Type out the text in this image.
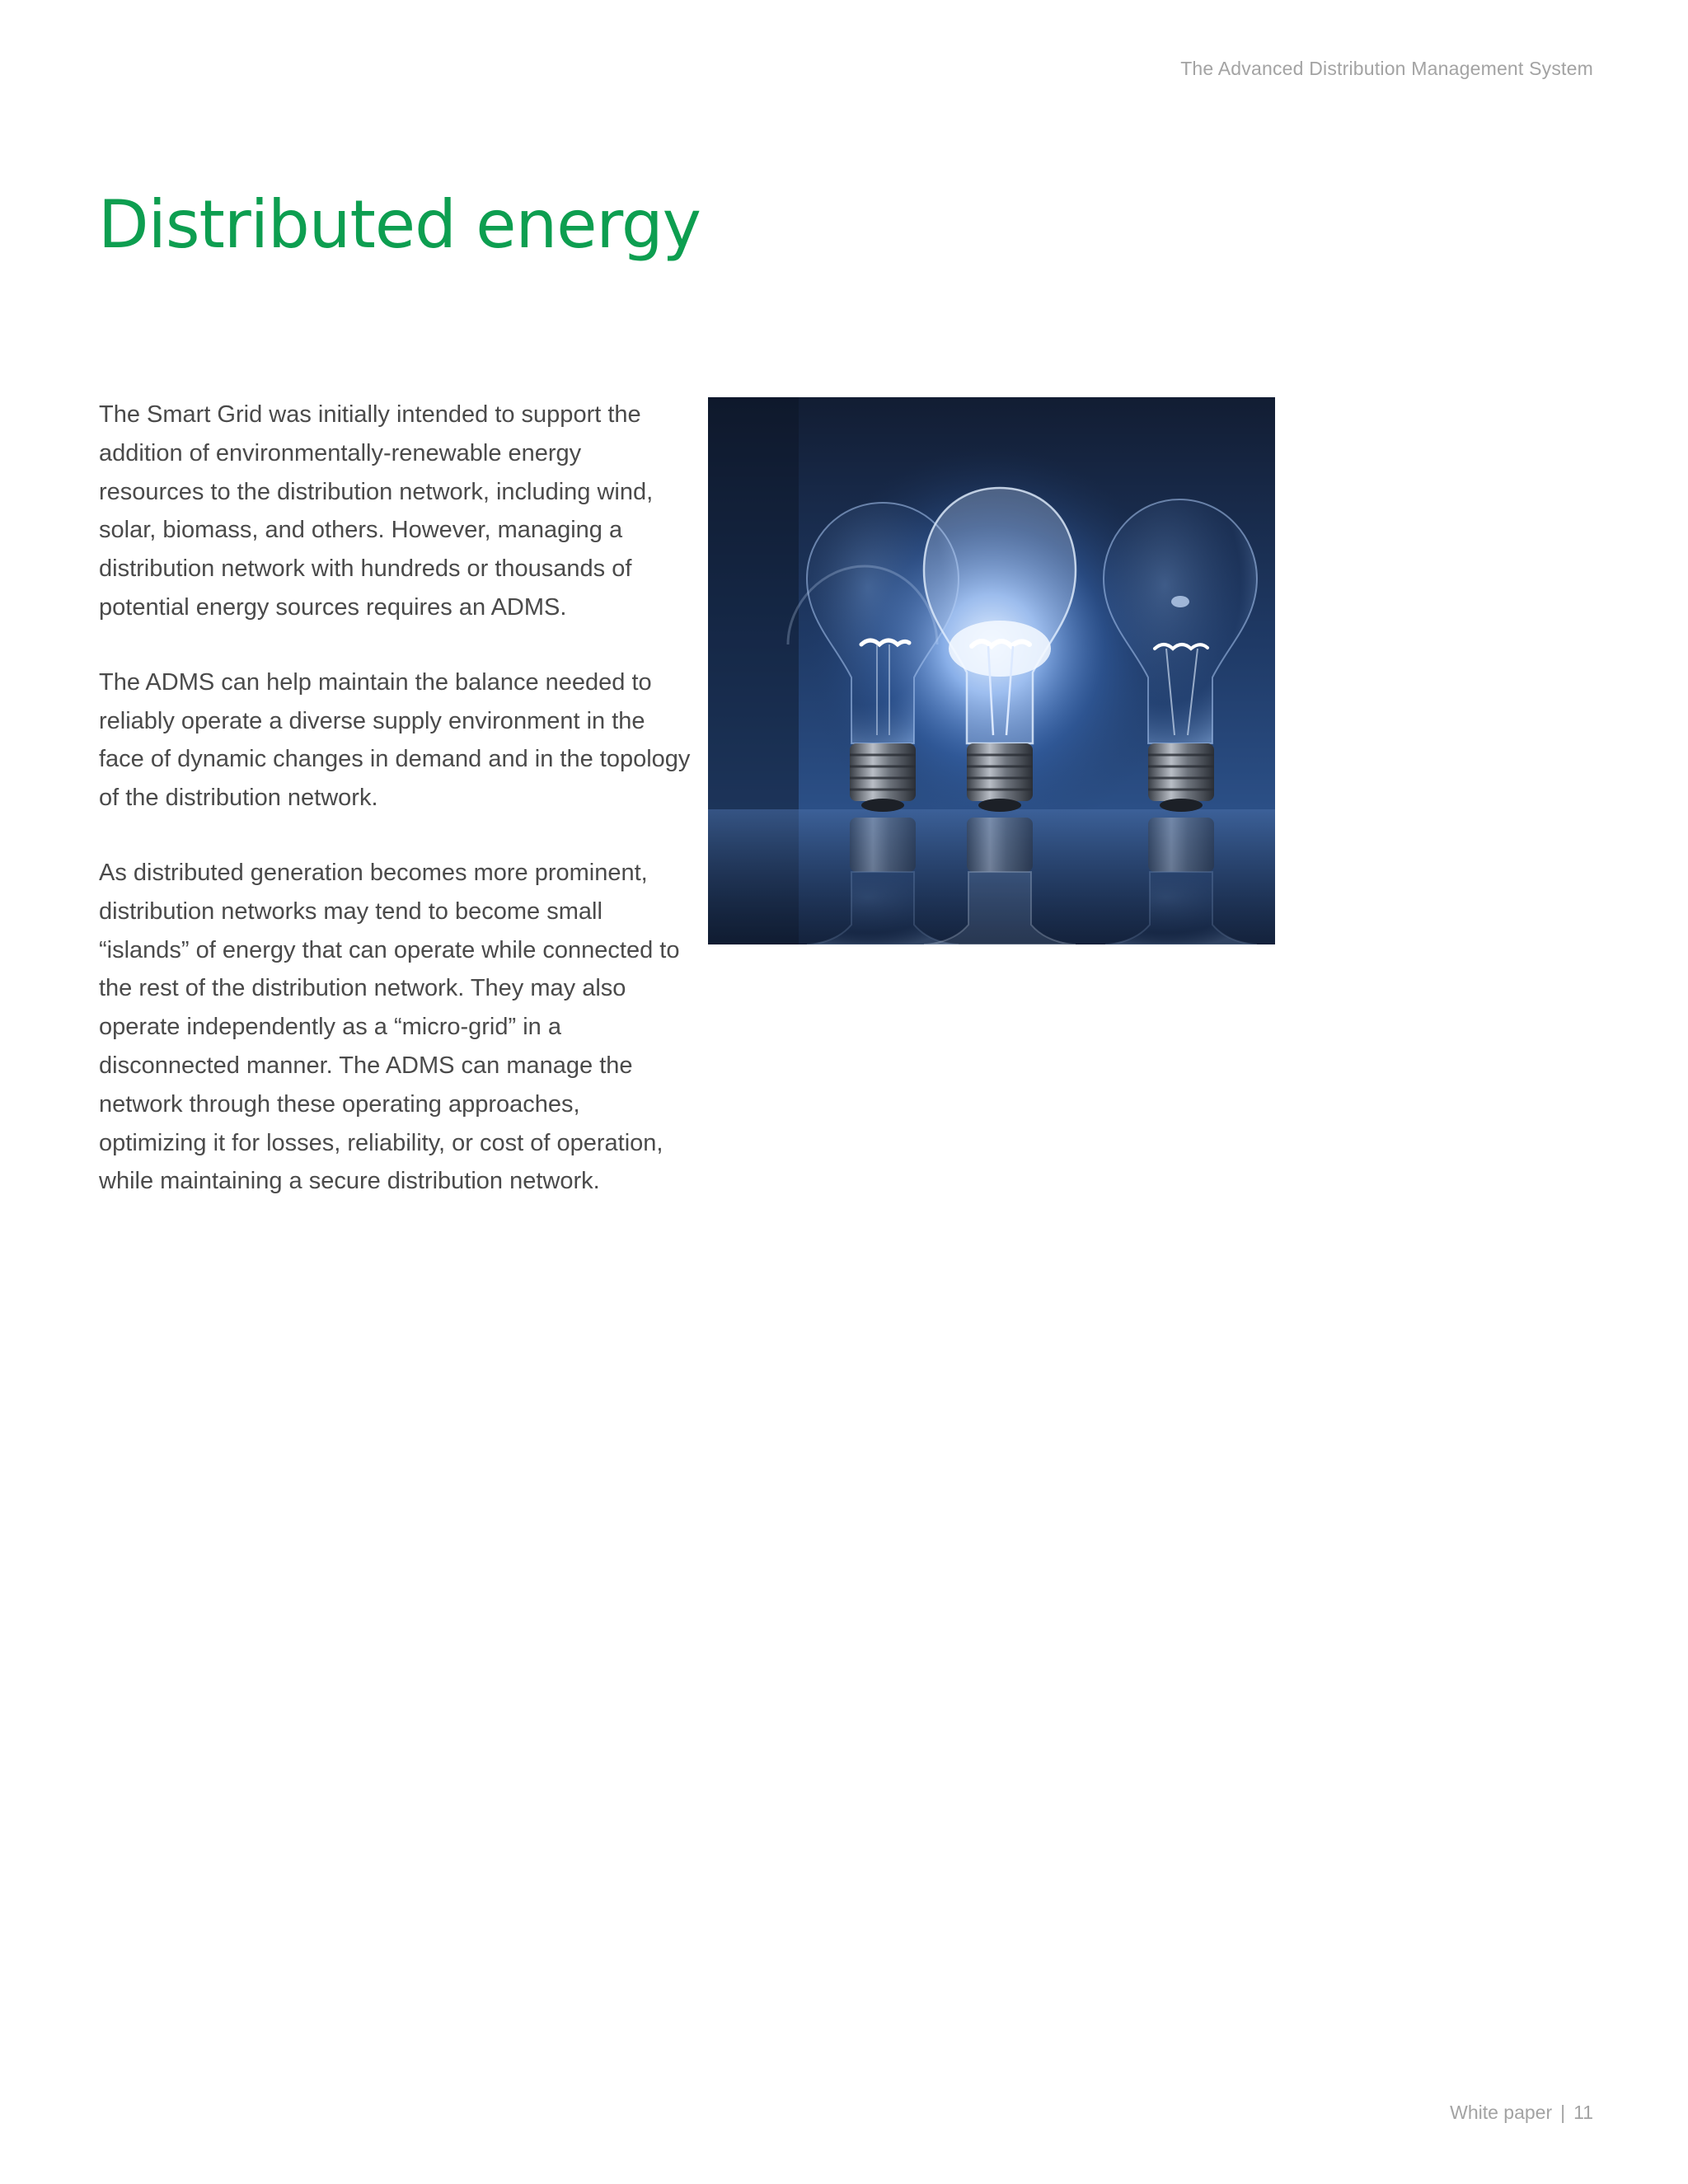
The Advanced Distribution Management System
Distributed energy

The Smart Grid was initially intended to support the addition of environmentally-renewable energy resources to the distribution network, including wind, solar, biomass, and others. However, managing a distribution network with hundreds or thousands of potential energy sources requires an ADMS.

The ADMS can help maintain the balance needed to reliably operate a diverse supply environment in the face of dynamic changes in demand and in the topology of the distribution network.

As distributed generation becomes more prominent, distribution networks may tend to become small “islands” of energy that can operate while connected to the rest of the distribution network. They may also operate independently as a “micro-grid” in a disconnected manner. The ADMS can manage the network through these operating approaches, optimizing it for losses, reliability, or cost of operation, while maintaining a secure distribution network.

White paper | 11
